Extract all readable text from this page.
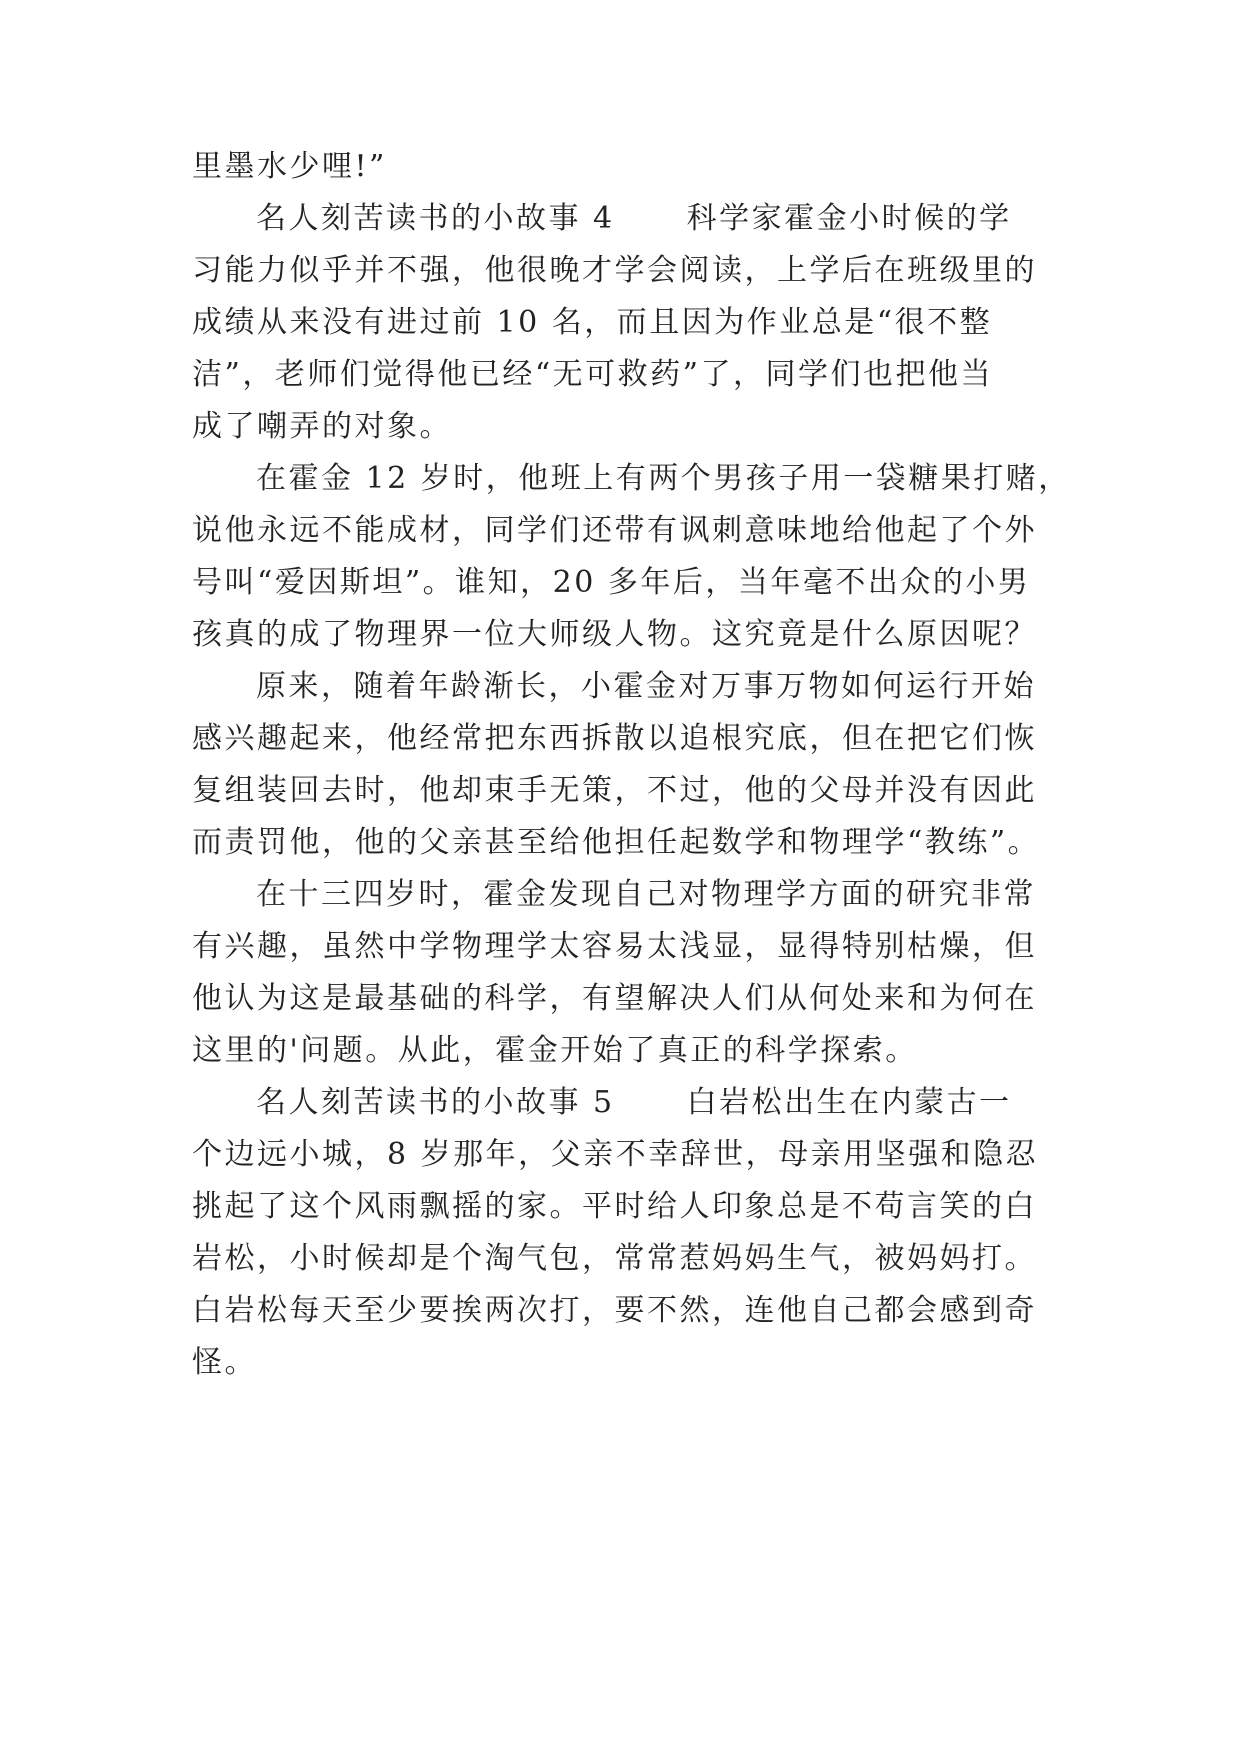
里墨水少哩!”
名人刻苦读书的小故事 4 科学家霍金小时候的学
习能力似乎并不强，他很晚才学会阅读，上学后在班级里的
成绩从来没有进过前 10 名，而且因为作业总是“很不整
洁”，老师们觉得他已经“无可救药”了，同学们也把他当
成了嘲弄的对象。
在霍金 12 岁时，他班上有两个男孩子用一袋糖果打赌，
说他永远不能成材，同学们还带有讽刺意味地给他起了个外
号叫“爱因斯坦”。谁知，20 多年后，当年毫不出众的小男
孩真的成了物理界一位大师级人物。这究竟是什么原因呢？
原来，随着年龄渐长，小霍金对万事万物如何运行开始
感兴趣起来，他经常把东西拆散以追根究底，但在把它们恢
复组装回去时，他却束手无策，不过，他的父母并没有因此
而责罚他，他的父亲甚至给他担任起数学和物理学“教练”。
在十三四岁时，霍金发现自己对物理学方面的研究非常
有兴趣，虽然中学物理学太容易太浅显，显得特别枯燥，但
他认为这是最基础的科学，有望解决人们从何处来和为何在
这里的'问题。从此，霍金开始了真正的科学探索。
名人刻苦读书的小故事 5 白岩松出生在内蒙古一
个边远小城，8 岁那年，父亲不幸辞世，母亲用坚强和隐忍
挑起了这个风雨飘摇的家。平时给人印象总是不苟言笑的白
岩松，小时候却是个淘气包，常常惹妈妈生气，被妈妈打。
白岩松每天至少要挨两次打，要不然，连他自己都会感到奇
怪。
